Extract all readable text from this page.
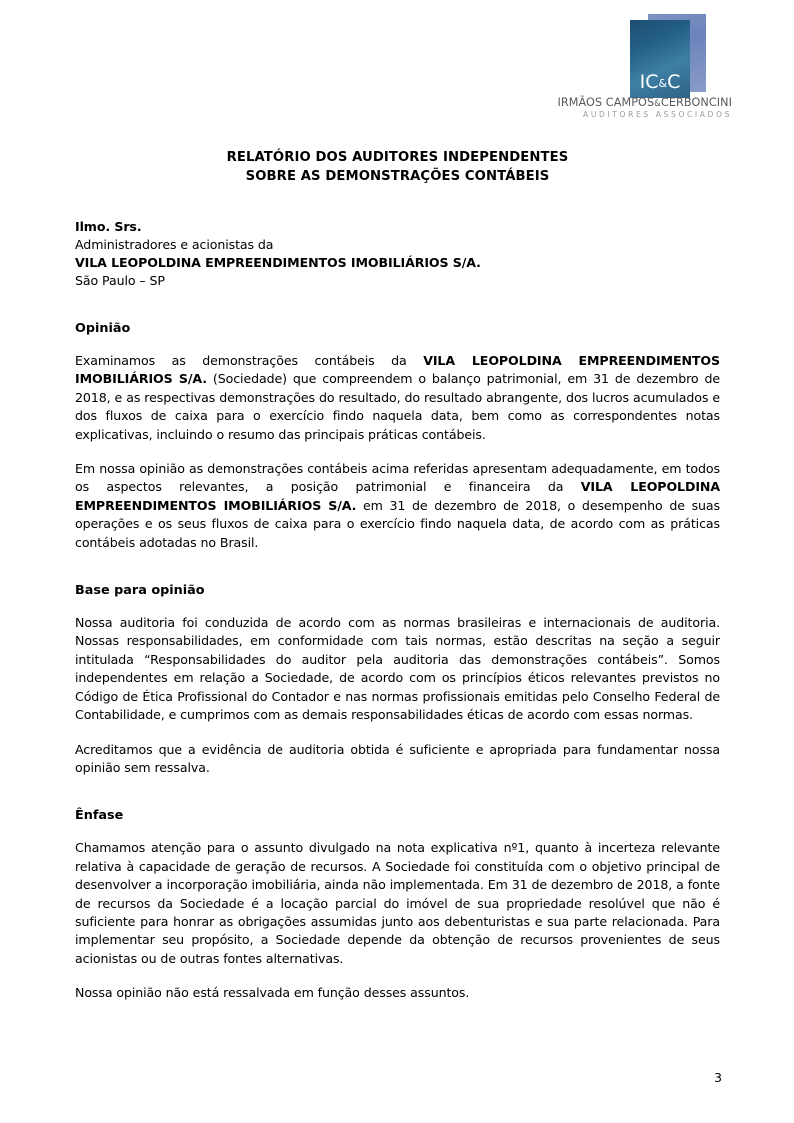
IC&C
IRMÃOS CAMPOS&CERBONCINI
AUDITORES ASSOCIADOS
RELATÓRIO DOS AUDITORES INDEPENDENTES
SOBRE AS DEMONSTRAÇÕES CONTÁBEIS
Ilmo. Srs.
Administradores e acionistas da
VILA LEOPOLDINA EMPREENDIMENTOS IMOBILIÁRIOS S/A.
São Paulo – SP
Opinião

Examinamos as demonstrações contábeis da VILA LEOPOLDINA EMPREENDIMENTOS IMOBILIÁRIOS S/A. (Sociedade) que compreendem o balanço patrimonial, em 31 de dezembro de 2018, e as respectivas demonstrações do resultado, do resultado abrangente, dos lucros acumulados e dos fluxos de caixa para o exercício findo naquela data, bem como as correspondentes notas explicativas, incluindo o resumo das principais práticas contábeis.

Em nossa opinião as demonstrações contábeis acima referidas apresentam adequadamente, em todos os aspectos relevantes, a posição patrimonial e financeira da VILA LEOPOLDINA EMPREENDIMENTOS IMOBILIÁRIOS S/A. em 31 de dezembro de 2018, o desempenho de suas operações e os seus fluxos de caixa para o exercício findo naquela data, de acordo com as práticas contábeis adotadas no Brasil.

Base para opinião

Nossa auditoria foi conduzida de acordo com as normas brasileiras e internacionais de auditoria. Nossas responsabilidades, em conformidade com tais normas, estão descritas na seção a seguir intitulada “Responsabilidades do auditor pela auditoria das demonstrações contábeis”. Somos independentes em relação a Sociedade, de acordo com os princípios éticos relevantes previstos no Código de Ética Profissional do Contador e nas normas profissionais emitidas pelo Conselho Federal de Contabilidade, e cumprimos com as demais responsabilidades éticas de acordo com essas normas.

Acreditamos que a evidência de auditoria obtida é suficiente e apropriada para fundamentar nossa opinião sem ressalva.

Ênfase

Chamamos atenção para o assunto divulgado na nota explicativa nº1, quanto à incerteza relevante relativa à capacidade de geração de recursos. A Sociedade foi constituída com o objetivo principal de desenvolver a incorporação imobiliária, ainda não implementada. Em 31 de dezembro de 2018, a fonte de recursos da Sociedade é a locação parcial do imóvel de sua propriedade resolúvel que não é suficiente para honrar as obrigações assumidas junto aos debenturistas e sua parte relacionada. Para implementar seu propósito, a Sociedade depende da obtenção de recursos provenientes de seus acionistas ou de outras fontes alternativas.

Nossa opinião não está ressalvada em função desses assuntos.

3
